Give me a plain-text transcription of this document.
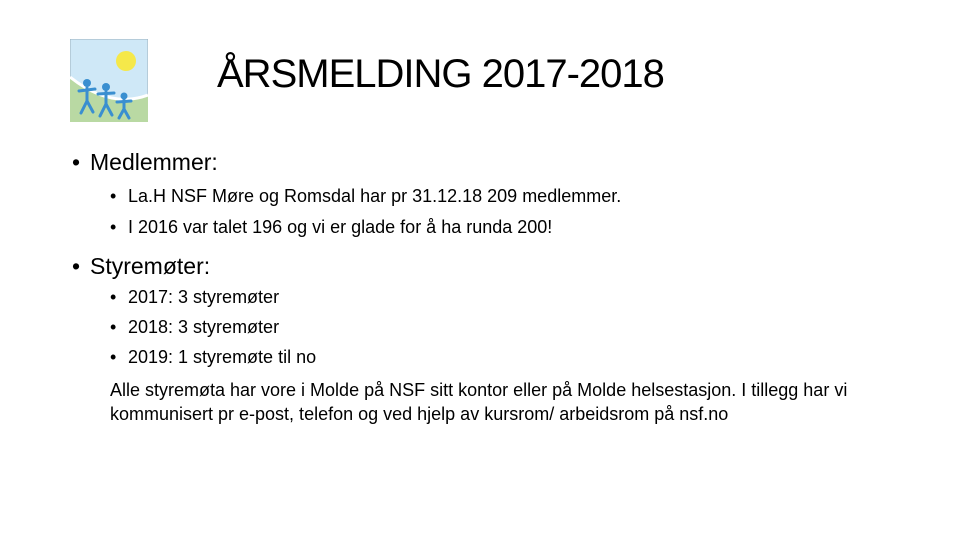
ÅRSMELDING 2017-2018
• Medlemmer:
• La.H NSF Møre og Romsdal har pr 31.12.18 209 medlemmer.
• I 2016 var talet 196 og vi er glade for å ha runda 200!
• Styremøter:
• 2017: 3 styremøter
• 2018: 3 styremøter
• 2019: 1 styremøte til no
Alle styremøta har vore i Molde på NSF sitt kontor eller på Molde helsestasjon. I tillegg har vi kommunisert pr e-post, telefon og ved hjelp av kursrom/ arbeidsrom på nsf.no
